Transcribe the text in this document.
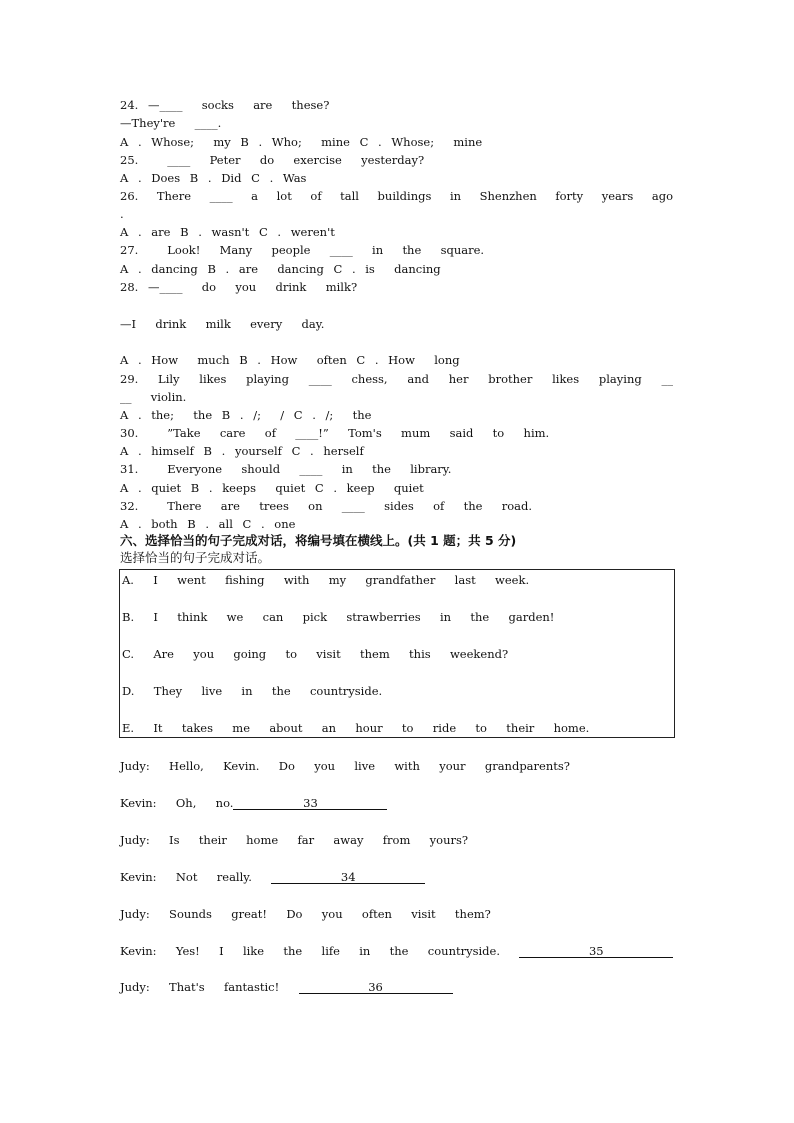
24. —____  socks  are  these?
—They're  ____.
A . Whose;  my B . Who;  mine C . Whose;  mine
25.   ____  Peter  do  exercise  yesterday?
A . Does B . Did C . Was
26. There ____ a lot of tall buildings in Shenzhen forty years ago
.
A . are B . wasn't C . weren't
27.   Look!  Many  people  ____  in  the  square.
A . dancing B . are  dancing C . is  dancing
28. —____  do  you  drink  milk?
—I  drink  milk  every  day.
A . How  much B . How  often C . How  long
29. Lily likes playing ____ chess, and her brother likes playing __
__  violin.
A . the;  the B . /;  / C . /;  the
30.   ”Take  care  of  ____!”  Tom's  mum  said  to  him.
A . himself B . yourself C . herself
31.   Everyone  should  ____  in  the  library.
A . quiet B . keeps  quiet C . keep  quiet
32.   There  are  trees  on  ____  sides  of  the  road.
A . both B . all C . one
六、选择恰当的句子完成对话，将编号填在横线上。(共 1 题；共 5 分)
选择恰当的句子完成对话。
A.  I  went  fishing  with  my  grandfather  last  week.
B.  I  think  we  can  pick  strawberries  in  the  garden!
C.  Are  you  going  to  visit  them  this  weekend?
D.  They  live  in  the  countryside.
E.  It  takes  me  about  an  hour  to  ride  to  their  home.
Judy:  Hello,  Kevin.  Do  you  live  with  your  grandparents?
Kevin:  Oh,  no.	33
Judy:  Is  their  home  far  away  from  yours?
Kevin:  Not  really.	34
Judy:  Sounds  great!  Do  you  often  visit  them?
Kevin:  Yes!  I  like  the  life  in  the  countryside.	35
Judy:  That's  fantastic!	36
